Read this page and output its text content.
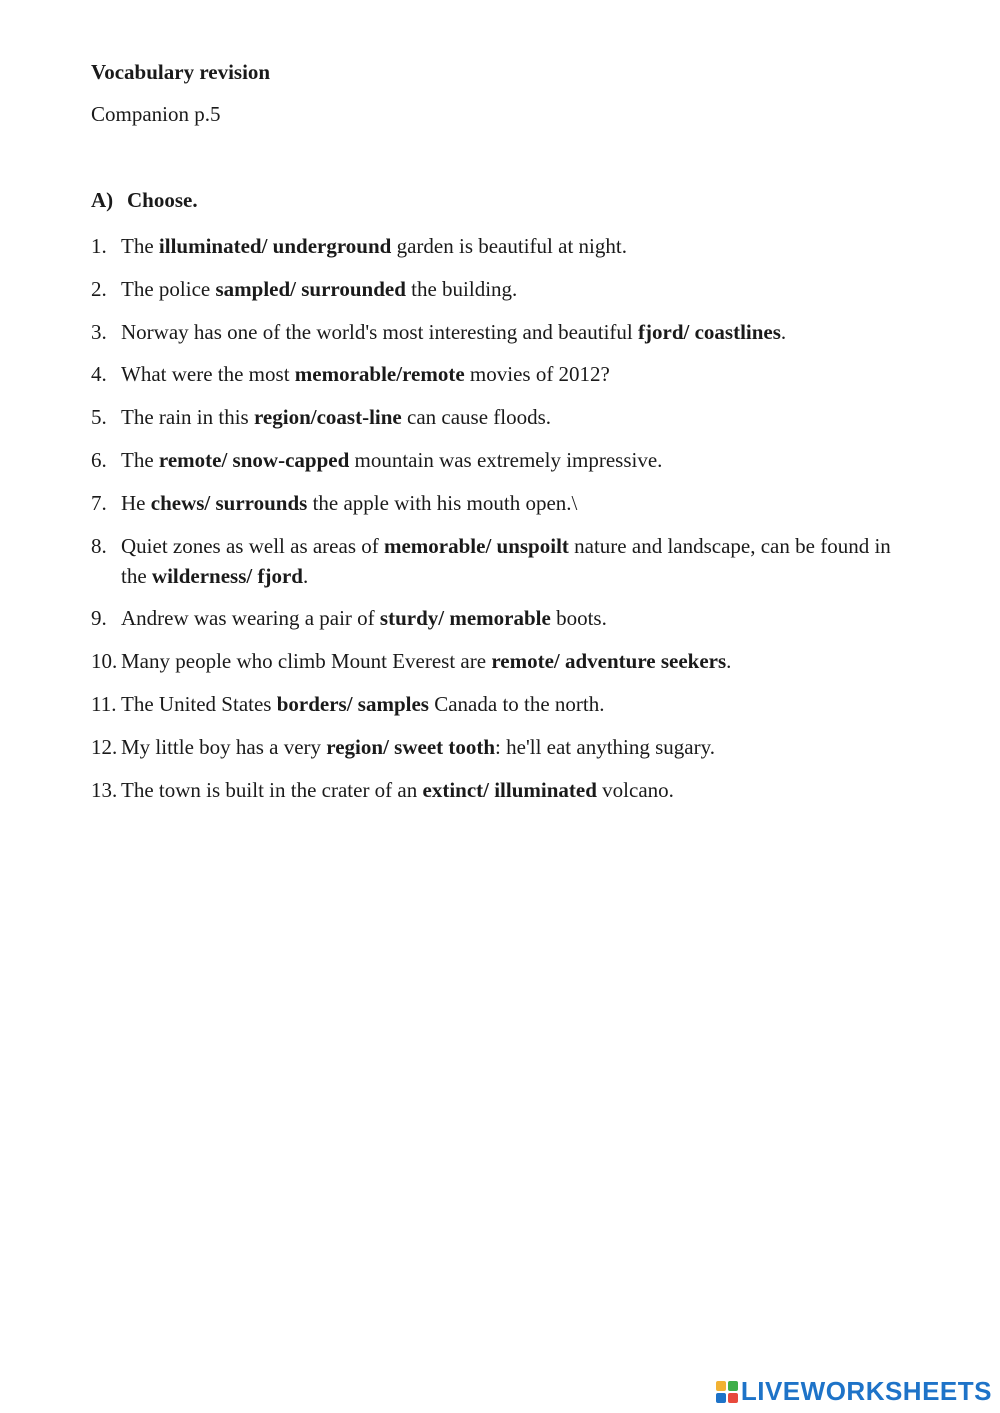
Vocabulary revision

Companion p.5

A) Choose.
1. The illuminated/ underground garden is beautiful at night.
2. The police sampled/ surrounded the building.
3. Norway has one of the world's most interesting and beautiful fjord/ coastlines.
4. What were the most memorable/remote movies of 2012?
5. The rain in this region/coast-line can cause floods.
6. The remote/ snow-capped mountain was extremely impressive.
7. He chews/ surrounds the apple with his mouth open.\
8. Quiet zones as well as areas of memorable/ unspoilt nature and landscape, can be found in the wilderness/ fjord.
9. Andrew was wearing a pair of sturdy/ memorable boots.
10. Many people who climb Mount Everest are remote/ adventure seekers.
11. The United States borders/ samples Canada to the north.
12. My little boy has a very region/ sweet tooth: he'll eat anything sugary.
13. The town is built in the crater of an extinct/ illuminated volcano.
LIVEWORKSHEETS
